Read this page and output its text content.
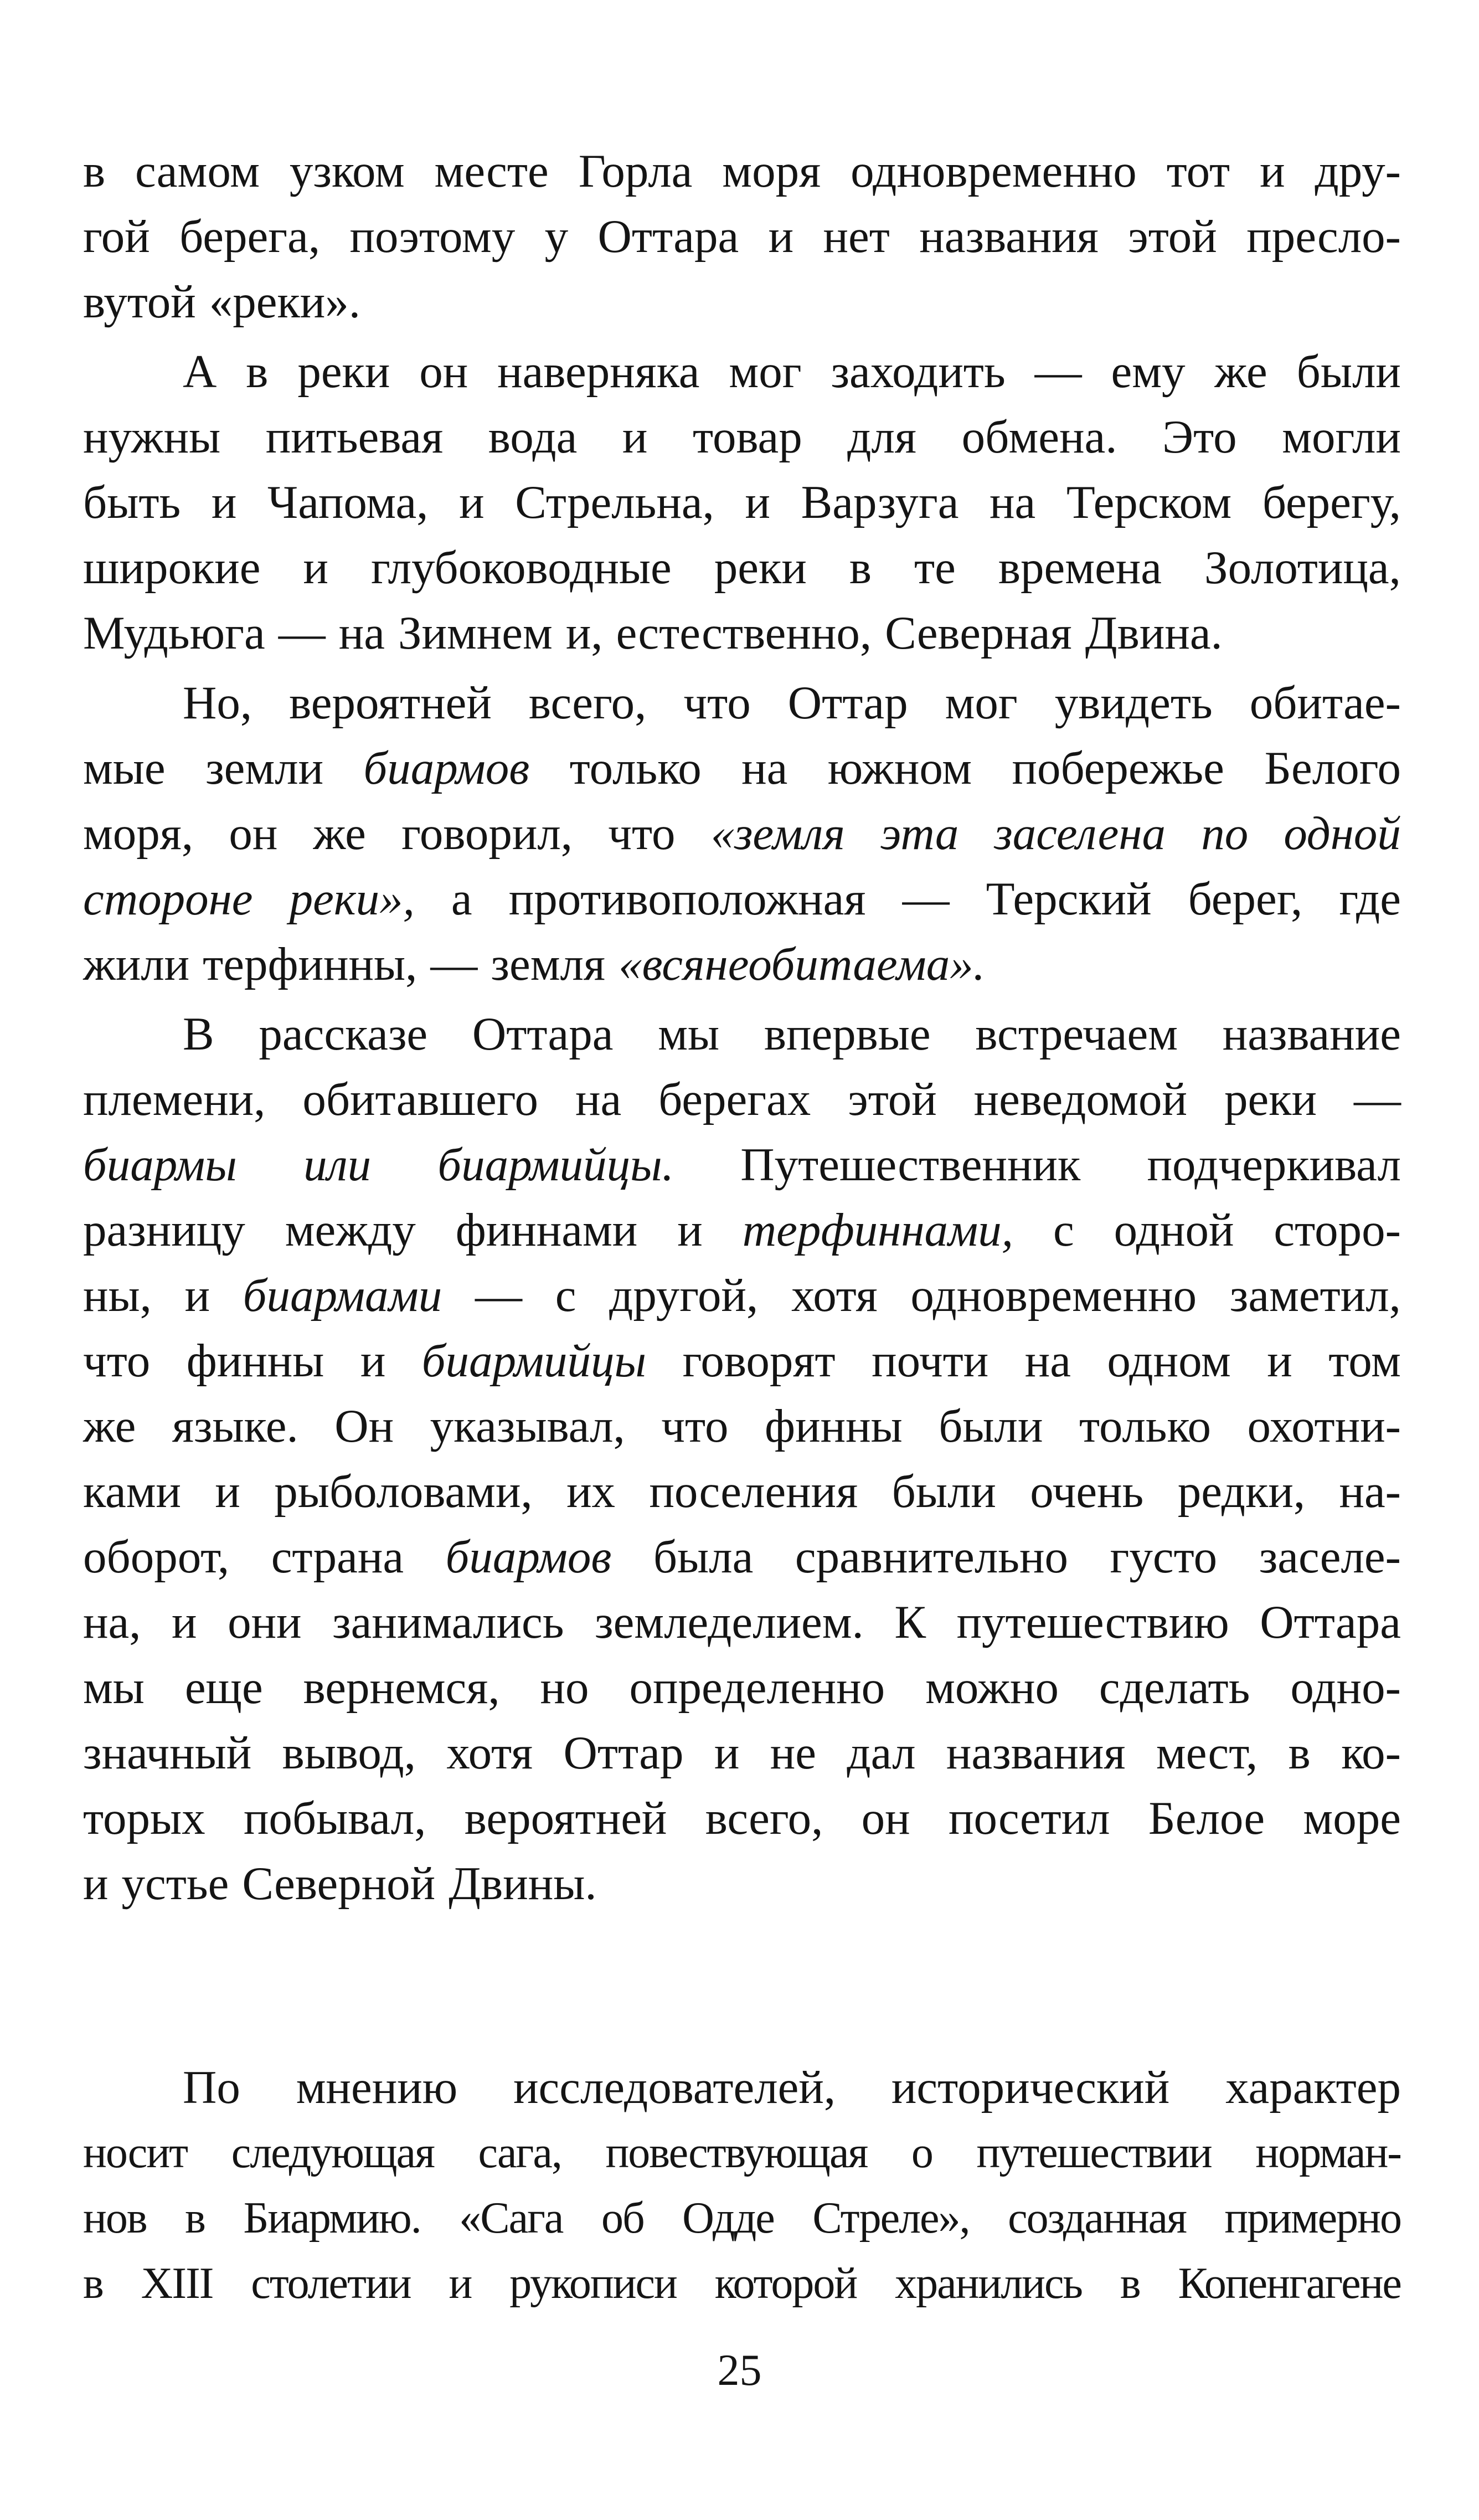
в самом узком месте Горла моря одновременно тот и дру-
гой берега, поэтому у Оттара и нет названия этой пресло-
вутой «реки».
А в реки он наверняка мог заходить — ему же были
нужны питьевая вода и товар для обмена. Это могли
быть и Чапома, и Стрельна, и Варзуга на Терском берегу,
широкие и глубоководные реки в те времена Золотица,
Мудьюга — на Зимнем и, естественно, Северная Двина.
Но, вероятней всего, что Оттар мог увидеть обитае-
мые земли биармов только на южном побережье Белого
моря, он же говорил, что «земля эта заселена по одной
стороне реки», а противоположная — Терский берег, где
жили терфинны, — земля «вся необитаема».
В рассказе Оттара мы впервые встречаем название
племени, обитавшего на берегах этой неведомой реки —
биармы или биармийцы. Путешественник подчеркивал
разницу между финнами и терфиннами, с одной сторо-
ны, и биармами — с другой, хотя одновременно заметил,
что финны и биармийцы говорят почти на одном и том
же языке. Он указывал, что финны были только охотни-
ками и рыболовами, их поселения были очень редки, на-
оборот, страна биармов была сравнительно густо заселе-
на, и они занимались земледелием. К путешествию Оттара
мы еще вернемся, но определенно можно сделать одно-
значный вывод, хотя Оттар и не дал названия мест, в ко-
торых побывал, вероятней всего, он посетил Белое море
и устье Северной Двины.
По мнению исследователей, исторический характер
носит следующая сага, повествующая о путешествии норман-
нов в Биармию. «Сага об Одде Стреле», созданная примерно
в XIII столетии и рукописи которой хранились в Копенгагене
25
